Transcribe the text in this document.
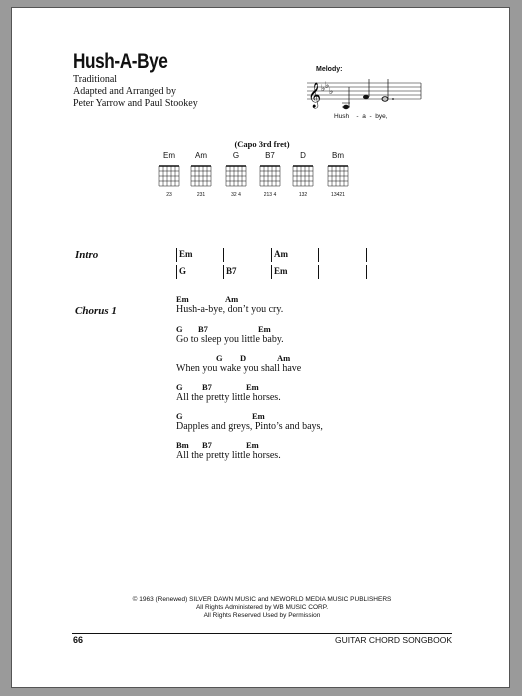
Hush-A-Bye
Traditional
Adapted and Arranged by
Peter Yarrow and Paul Stookey
Melody:
𝄞 ♭ ♭
♭
Hush - a - bye,
(Capo 3rd fret)
Em
23
Am
231
G
32 4
B7
213 4
D
132
Bm
13421
Intro	Em	Am
G	B7	Em
Chorus 1
Em	Am
Hush-a-bye, don’t you cry.
G B7	Em
Go to sleep you little baby.
G D	Am
When you wake you shall have
G B7	Em
All the pretty little horses.
G	Em
Dapples and greys, Pinto’s and bays,
Bm B7	Em
All the pretty little horses.
© 1963 (Renewed) SILVER DAWN MUSIC and NEWORLD MEDIA MUSIC PUBLISHERS
All Rights Administered by WB MUSIC CORP.
All Rights Reserved Used by Permission
66	GUITAR CHORD SONGBOOK
